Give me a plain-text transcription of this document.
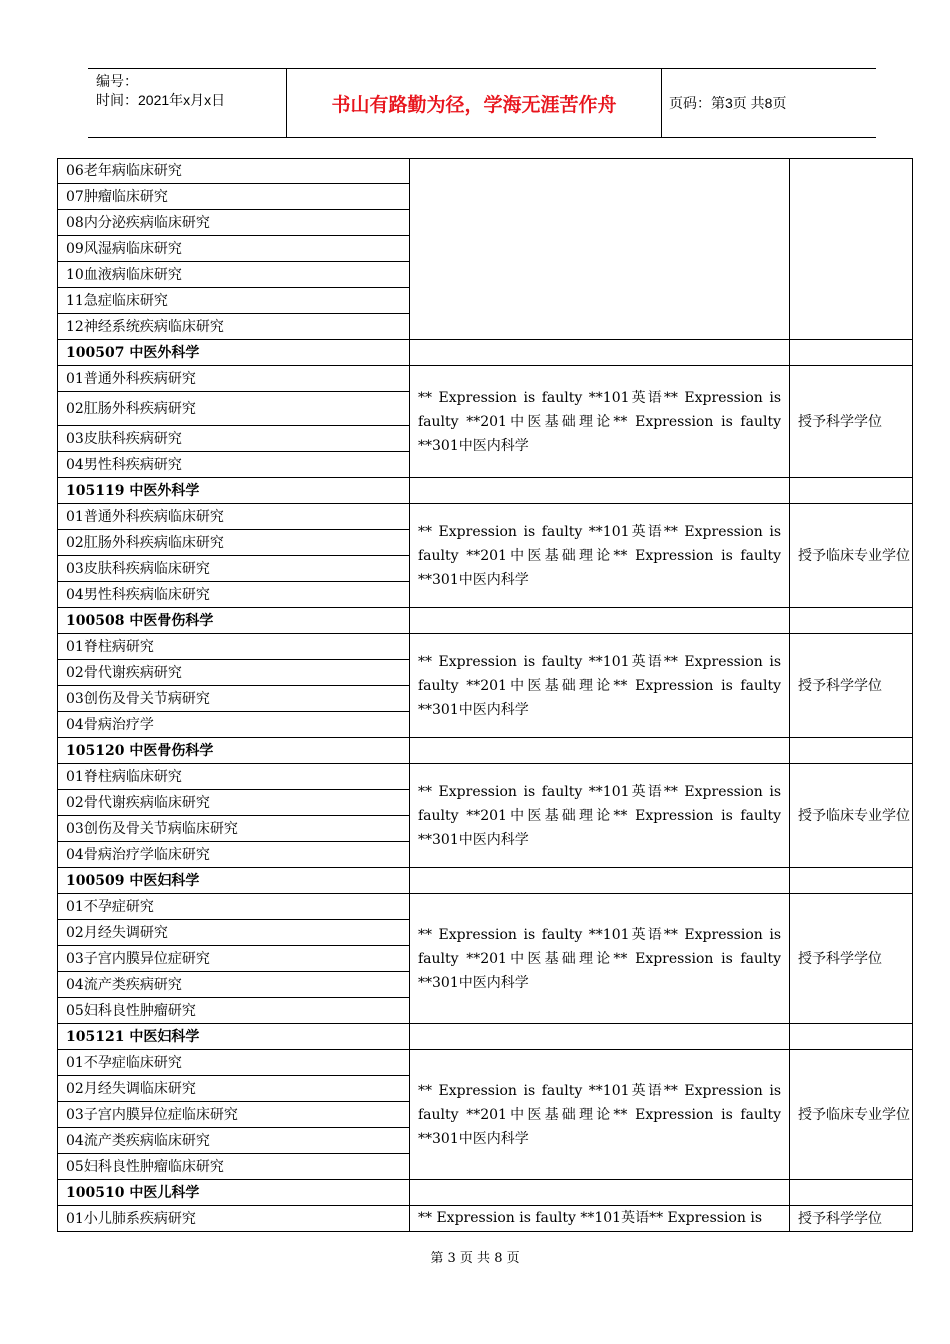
编号：
时间：2021年x月x日	书山有路勤为径，学海无涯苦作舟	页码：第3页 共8页
06老年病临床研究		
07肿瘤临床研究		
08内分泌疾病临床研究		
09风湿病临床研究		
10血液病临床研究		
11急症临床研究		
12神经系统疾病临床研究		
100507 中医外科学		
01普通外科疾病研究	** Expression is faulty **101英语** Expression is faulty **201中医基础理论** Expression is faulty **301中医内科学	授予科学学位
02肛肠外科疾病研究		
03皮肤科疾病研究		
04男性科疾病研究		
105119 中医外科学		
01普通外科疾病临床研究	** Expression is faulty **101英语** Expression is faulty **201中医基础理论** Expression is faulty **301中医内科学	授予临床专业学位
02肛肠外科疾病临床研究		
03皮肤科疾病临床研究		
04男性科疾病临床研究		
100508 中医骨伤科学		
01脊柱病研究	** Expression is faulty **101英语** Expression is faulty **201中医基础理论** Expression is faulty **301中医内科学	授予科学学位
02骨代谢疾病研究		
03创伤及骨关节病研究		
04骨病治疗学		
105120 中医骨伤科学		
01脊柱病临床研究	** Expression is faulty **101英语** Expression is faulty **201中医基础理论** Expression is faulty **301中医内科学	授予临床专业学位
02骨代谢疾病临床研究		
03创伤及骨关节病临床研究		
04骨病治疗学临床研究		
100509 中医妇科学		
01不孕症研究	** Expression is faulty **101英语** Expression is faulty **201中医基础理论** Expression is faulty **301中医内科学	授予科学学位
02月经失调研究		
03子宫内膜异位症研究		
04流产类疾病研究		
05妇科良性肿瘤研究		
105121 中医妇科学		
01不孕症临床研究	** Expression is faulty **101英语** Expression is faulty **201中医基础理论** Expression is faulty **301中医内科学	授予临床专业学位
02月经失调临床研究		
03子宫内膜异位症临床研究		
04流产类疾病临床研究		
05妇科良性肿瘤临床研究		
100510 中医儿科学		
01小儿肺系疾病研究	** Expression is faulty **101英语** Expression is	授予科学学位
第 3 页 共 8 页
